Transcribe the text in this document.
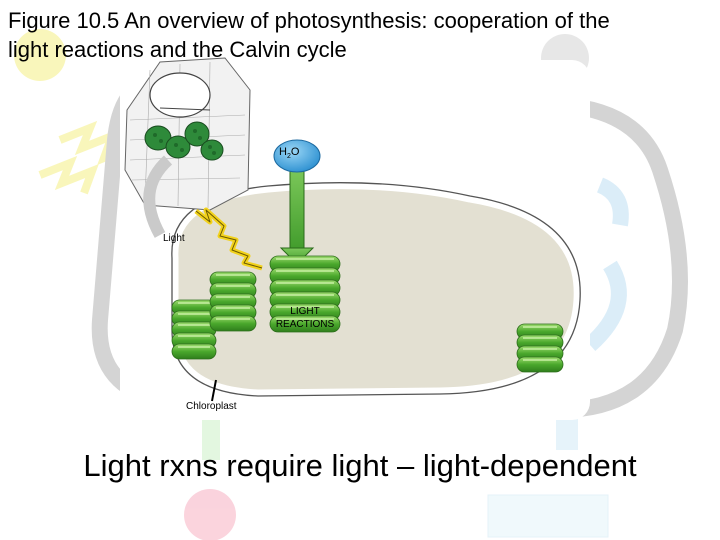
Figure 10.5 An overview of photosynthesis: cooperation of the
light reactions and the Calvin cycle
Light
Chloroplast
LIGHT
REACTIONS
$H_2O$
Light rxns require light – light-dependent
